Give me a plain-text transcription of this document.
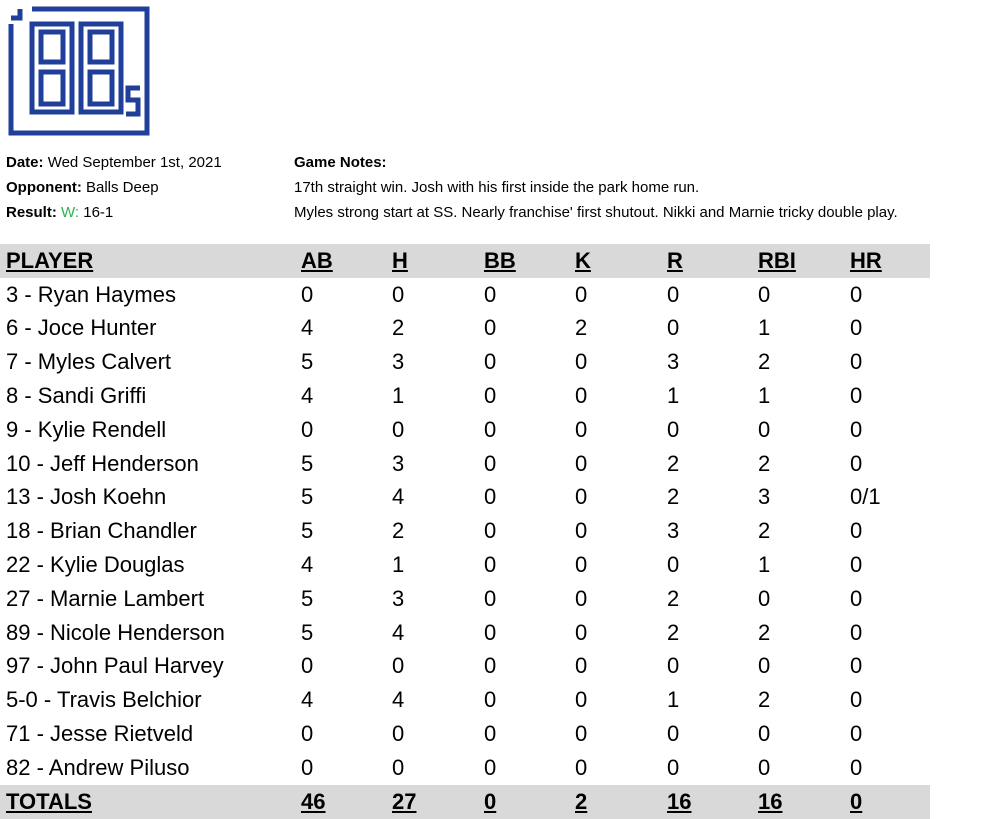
Date: Wed September 1st, 2021
Opponent: Balls Deep
Result: W: 16-1
Game Notes:
17th straight win. Josh with his first inside the park home run.
Myles strong start at SS. Nearly franchise' first shutout. Nikki and Marnie tricky double play.
PLAYER	AB	H	BB	K	R	RBI	HR
3 - Ryan Haymes	0	0	0	0	0	0	0
6 - Joce Hunter	4	2	0	2	0	1	0
7 - Myles Calvert	5	3	0	0	3	2	0
8 - Sandi Griffi	4	1	0	0	1	1	0
9 - Kylie Rendell	0	0	0	0	0	0	0
10 - Jeff Henderson	5	3	0	0	2	2	0
13 - Josh Koehn	5	4	0	0	2	3	0/1
18 - Brian Chandler	5	2	0	0	3	2	0
22 - Kylie Douglas	4	1	0	0	0	1	0
27 - Marnie Lambert	5	3	0	0	2	0	0
89 - Nicole Henderson	5	4	0	0	2	2	0
97 - John Paul Harvey	0	0	0	0	0	0	0
5-0 - Travis Belchior	4	4	0	0	1	2	0
71 - Jesse Rietveld	0	0	0	0	0	0	0
82 - Andrew Piluso	0	0	0	0	0	0	0
TOTALS	46	27	0	2	16	16	0
